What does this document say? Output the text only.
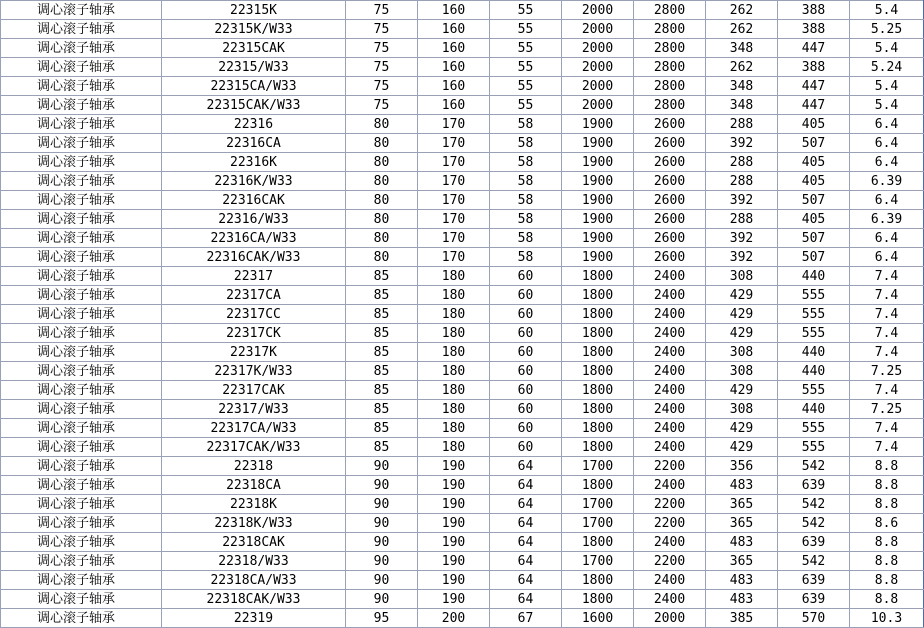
调心滚子轴承	22315K	75	160	55	2000	2800	262	388	5.4
调心滚子轴承	22315K/W33	75	160	55	2000	2800	262	388	5.25
调心滚子轴承	22315CAK	75	160	55	2000	2800	348	447	5.4
调心滚子轴承	22315/W33	75	160	55	2000	2800	262	388	5.24
调心滚子轴承	22315CA/W33	75	160	55	2000	2800	348	447	5.4
调心滚子轴承	22315CAK/W33	75	160	55	2000	2800	348	447	5.4
调心滚子轴承	22316	80	170	58	1900	2600	288	405	6.4
调心滚子轴承	22316CA	80	170	58	1900	2600	392	507	6.4
调心滚子轴承	22316K	80	170	58	1900	2600	288	405	6.4
调心滚子轴承	22316K/W33	80	170	58	1900	2600	288	405	6.39
调心滚子轴承	22316CAK	80	170	58	1900	2600	392	507	6.4
调心滚子轴承	22316/W33	80	170	58	1900	2600	288	405	6.39
调心滚子轴承	22316CA/W33	80	170	58	1900	2600	392	507	6.4
调心滚子轴承	22316CAK/W33	80	170	58	1900	2600	392	507	6.4
调心滚子轴承	22317	85	180	60	1800	2400	308	440	7.4
调心滚子轴承	22317CA	85	180	60	1800	2400	429	555	7.4
调心滚子轴承	22317CC	85	180	60	1800	2400	429	555	7.4
调心滚子轴承	22317CK	85	180	60	1800	2400	429	555	7.4
调心滚子轴承	22317K	85	180	60	1800	2400	308	440	7.4
调心滚子轴承	22317K/W33	85	180	60	1800	2400	308	440	7.25
调心滚子轴承	22317CAK	85	180	60	1800	2400	429	555	7.4
调心滚子轴承	22317/W33	85	180	60	1800	2400	308	440	7.25
调心滚子轴承	22317CA/W33	85	180	60	1800	2400	429	555	7.4
调心滚子轴承	22317CAK/W33	85	180	60	1800	2400	429	555	7.4
调心滚子轴承	22318	90	190	64	1700	2200	356	542	8.8
调心滚子轴承	22318CA	90	190	64	1800	2400	483	639	8.8
调心滚子轴承	22318K	90	190	64	1700	2200	365	542	8.8
调心滚子轴承	22318K/W33	90	190	64	1700	2200	365	542	8.6
调心滚子轴承	22318CAK	90	190	64	1800	2400	483	639	8.8
调心滚子轴承	22318/W33	90	190	64	1700	2200	365	542	8.8
调心滚子轴承	22318CA/W33	90	190	64	1800	2400	483	639	8.8
调心滚子轴承	22318CAK/W33	90	190	64	1800	2400	483	639	8.8
调心滚子轴承	22319	95	200	67	1600	2000	385	570	10.3
